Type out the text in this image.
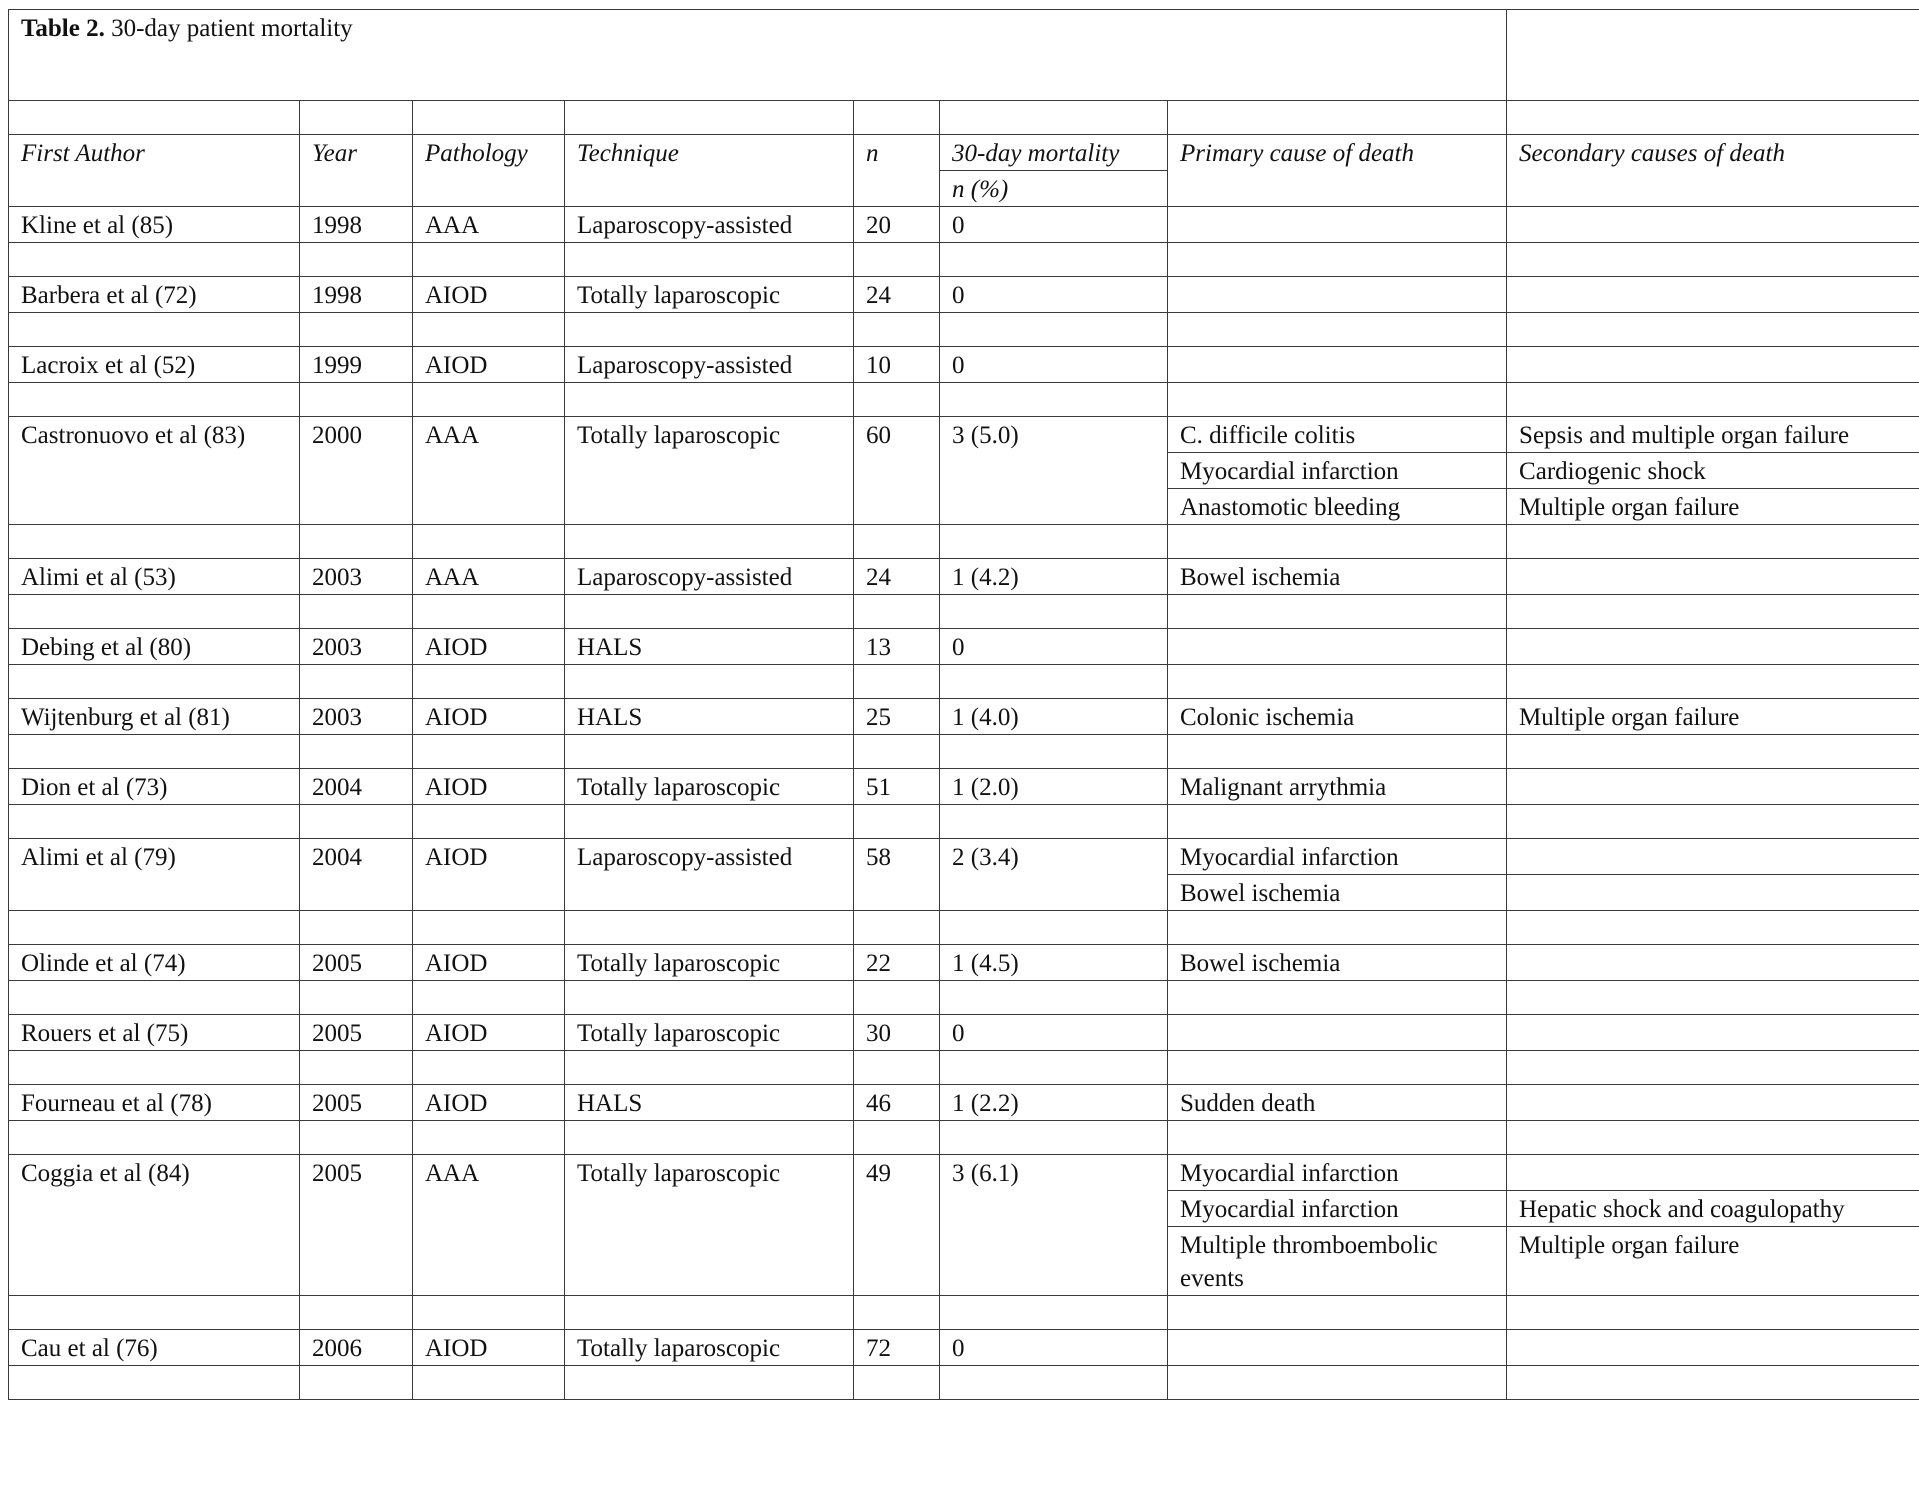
Table 2. 30-day patient mortality							

First Author	Year	Pathology	Technique	n	30-day mortality	Primary cause of death	Secondary causes of death
					n (%)		
Kline et al (85)	1998	AAA	Laparoscopy-assisted	20	0		

Barbera et al (72)	1998	AIOD	Totally laparoscopic	24	0		

Lacroix et al (52)	1999	AIOD	Laparoscopy-assisted	10	0		

Castronuovo et al (83)	2000	AAA	Totally laparoscopic	60	3 (5.0)	C. difficile colitis	Sepsis and multiple organ failure
						Myocardial infarction	Cardiogenic shock
						Anastomotic bleeding	Multiple organ failure

Alimi et al (53)	2003	AAA	Laparoscopy-assisted	24	1 (4.2)	Bowel ischemia	

Debing et al (80)	2003	AIOD	HALS	13	0		

Wijtenburg et al (81)	2003	AIOD	HALS	25	1 (4.0)	Colonic ischemia	Multiple organ failure

Dion et al (73)	2004	AIOD	Totally laparoscopic	51	1 (2.0)	Malignant arrythmia	

Alimi et al (79)	2004	AIOD	Laparoscopy-assisted	58	2 (3.4)	Myocardial infarction	
						Bowel ischemia	

Olinde et al (74)	2005	AIOD	Totally laparoscopic	22	1 (4.5)	Bowel ischemia	

Rouers et al (75)	2005	AIOD	Totally laparoscopic	30	0		

Fourneau et al (78)	2005	AIOD	HALS	46	1 (2.2)	Sudden death	

Coggia et al (84)	2005	AAA	Totally laparoscopic	49	3 (6.1)	Myocardial infarction	
						Myocardial infarction	Hepatic shock and coagulopathy
						Multiple thromboembolic events	Multiple organ failure

Cau et al (76)	2006	AIOD	Totally laparoscopic	72	0		
